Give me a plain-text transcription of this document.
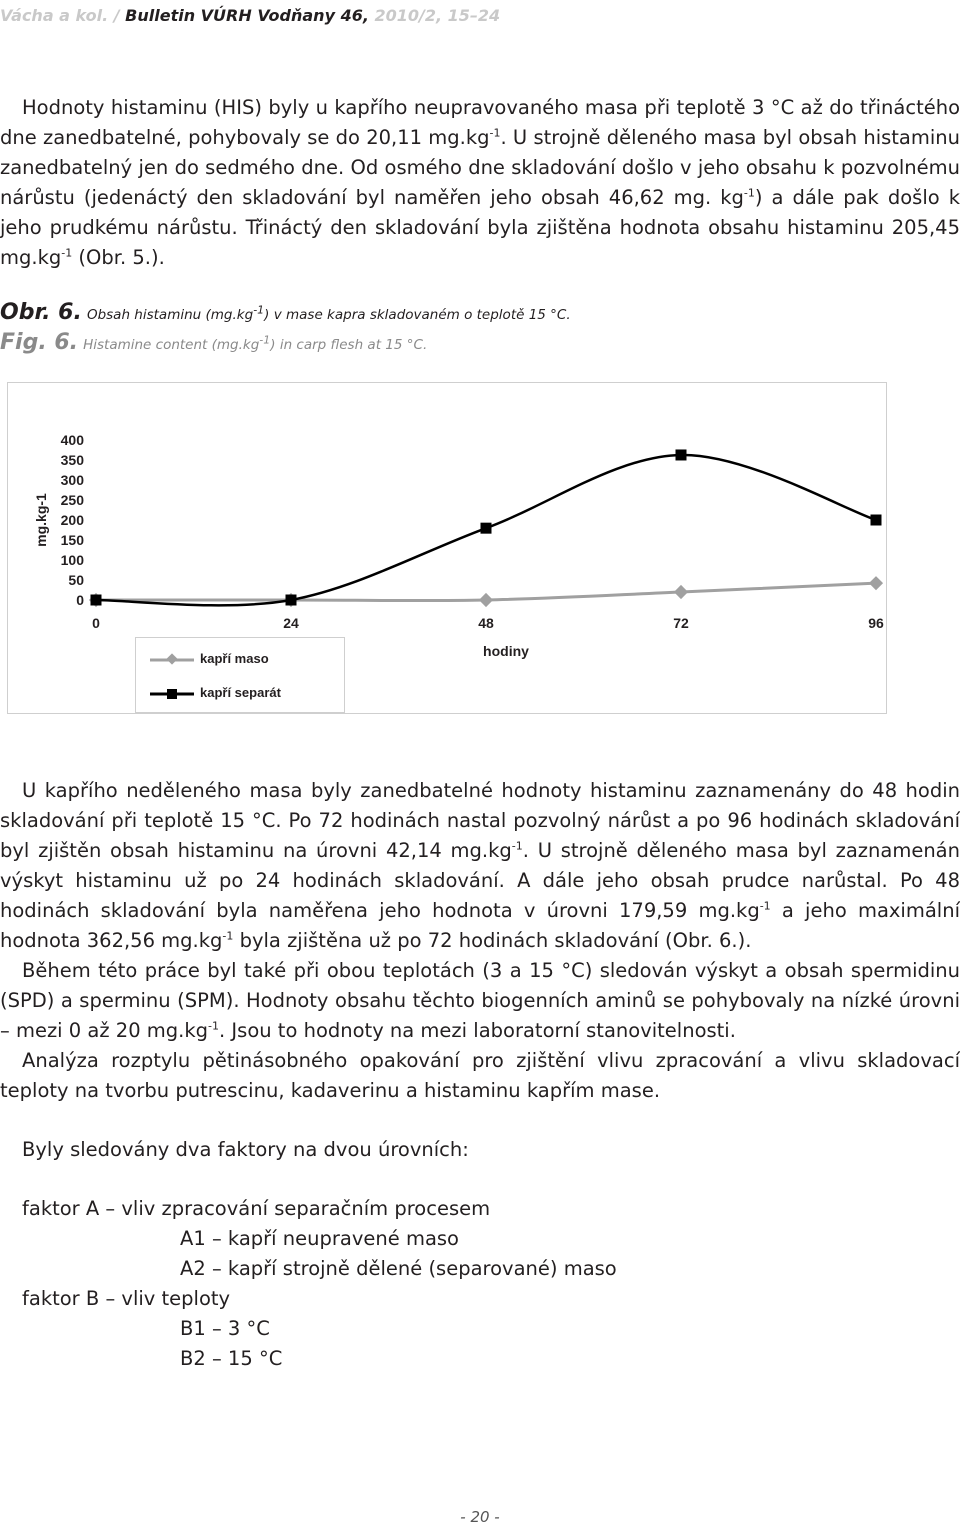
Vácha a kol. / Bulletin VÚRH Vodňany 46, 2010/2, 15–24

Hodnoty histaminu (HIS) byly u kapřího neupravovaného masa při teplotě 3 °C až do třináctého dne zanedbatelné, pohybovaly se do 20,11 $mg.kg^{-1}$. U strojně děleného masa byl obsah histaminu zanedbatelný jen do sedmého dne. Od osmého dne skladování došlo v jeho obsahu k pozvolnému nárůstu (jedenáctý den skladování byl naměřen jeho obsah 46,62 mg. $kg^{-1}$) a dále pak došlo k jeho prudkému nárůstu. Třináctý den skladování byla zjištěna hodnota obsahu histaminu 205,45 $mg.kg^{-1}$ (Obr. 5.).

Obr. 6. Obsah histaminu $(mg.kg^{-1})$ v mase kapra skladovaném o teplotě 15 °C.
Fig. 6. Histamine content $(mg.kg^{-1})$ in carp flesh at 15 °C.
0
50
100
150
200
250
300
350
400
0	24	48	72	96
hodiny
mg.kg-1
kapří maso
kapří separát

U kapřího neděleného masa byly zanedbatelné hodnoty histaminu zaznamenány do 48 hodin skladování při teplotě 15 °C. Po 72 hodinách nastal pozvolný nárůst a po 96 hodinách skladování byl zjištěn obsah histaminu na úrovni 42,14 $mg.kg^{-1}$. U strojně děleného masa byl zaznamenán výskyt histaminu už po 24 hodinách skladování. A dále jeho obsah prudce narůstal. Po 48 hodinách skladování byla naměřena jeho hodnota v úrovni 179,59 $mg.kg^{-1}$ a jeho maximální hodnota 362,56 $mg.kg^{-1}$ byla zjištěna už po 72 hodinách skladování (Obr. 6.).

Během této práce byl také při obou teplotách (3 a 15 °C) sledován výskyt a obsah spermidinu (SPD) a sperminu (SPM). Hodnoty obsahu těchto biogenních aminů se pohybovaly na nízké úrovni – mezi 0 až 20 $mg.kg^{-1}$. Jsou to hodnoty na mezi laboratorní stanovitelnosti.

Analýza rozptylu pětinásobného opakování pro zjištění vlivu zpracování a vlivu skladovací teploty na tvorbu putrescinu, kadaverinu a histaminu kapřím mase.

Byly sledovány dva faktory na dvou úrovních:
faktor A – vliv zpracování separačním procesem
A1 – kapří neupravené maso
A2 – kapří strojně dělené (separované) maso
faktor B – vliv teploty
B1 – 3 °C
B2 – 15 °C
- 20 -
